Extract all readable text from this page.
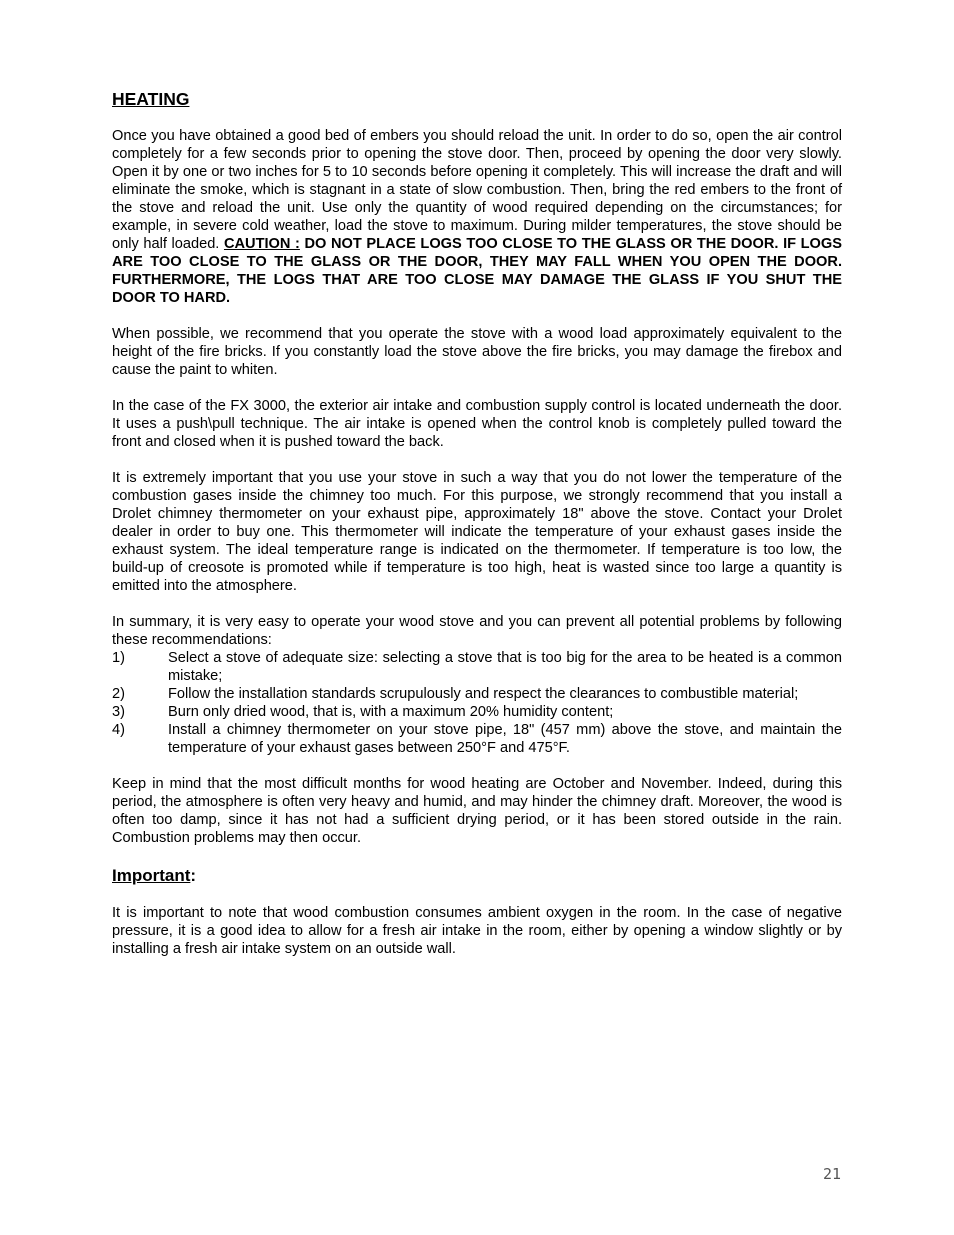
HEATING

Once you have obtained a good bed of embers you should reload the unit. In order to do so, open the air control completely for a few seconds prior to opening the stove door. Then, proceed by opening the door very slowly. Open it by one or two inches for 5 to 10 seconds before opening it completely. This will increase the draft and will eliminate the smoke, which is stagnant in a state of slow combustion. Then, bring the red embers to the front of the stove and reload the unit. Use only the quantity of wood required depending on the circumstances; for example, in severe cold weather, load the stove to maximum. During milder temperatures, the stove should be only half loaded. CAUTION : DO NOT PLACE LOGS TOO CLOSE TO THE GLASS OR THE DOOR. IF LOGS ARE TOO CLOSE TO THE GLASS OR THE DOOR, THEY MAY FALL WHEN YOU OPEN THE DOOR. FURTHERMORE, THE LOGS THAT ARE TOO CLOSE MAY DAMAGE THE GLASS IF YOU SHUT THE DOOR TO HARD.

When possible, we recommend that you operate the stove with a wood load approximately equivalent to the height of the fire bricks. If you constantly load the stove above the fire bricks, you may damage the firebox and cause the paint to whiten.

In the case of the FX 3000, the exterior air intake and combustion supply control is located underneath the door. It uses a push\pull technique. The air intake is opened when the control knob is completely pulled toward the front and closed when it is pushed toward the back.

It is extremely important that you use your stove in such a way that you do not lower the temperature of the combustion gases inside the chimney too much. For this purpose, we strongly recommend that you install a Drolet chimney thermometer on your exhaust pipe, approximately 18" above the stove. Contact your Drolet dealer in order to buy one. This thermometer will indicate the temperature of your exhaust gases inside the exhaust system. The ideal temperature range is indicated on the thermometer. If temperature is too low, the build-up of creosote is promoted while if temperature is too high, heat is wasted since too large a quantity is emitted into the atmosphere.

In summary, it is very easy to operate your wood stove and you can prevent all potential problems by following these recommendations:

1)	Select a stove of adequate size: selecting a stove that is too big for the area to be heated is a common mistake;
2)	Follow the installation standards scrupulously and respect the clearances to combustible material;
3)	Burn only dried wood, that is, with a maximum 20% humidity content;
4)	Install a chimney thermometer on your stove pipe, 18" (457 mm) above the stove, and maintain the temperature of your exhaust gases between 250°F and 475°F.

Keep in mind that the most difficult months for wood heating are October and November. Indeed, during this period, the atmosphere is often very heavy and humid, and may hinder the chimney draft. Moreover, the wood is often too damp, since it has not had a sufficient drying period, or it has been stored outside in the rain. Combustion problems may then occur.

Important:

It is important to note that wood combustion consumes ambient oxygen in the room. In the case of negative pressure, it is a good idea to allow for a fresh air intake in the room, either by opening a window slightly or by installing a fresh air intake system on an outside wall.

21
